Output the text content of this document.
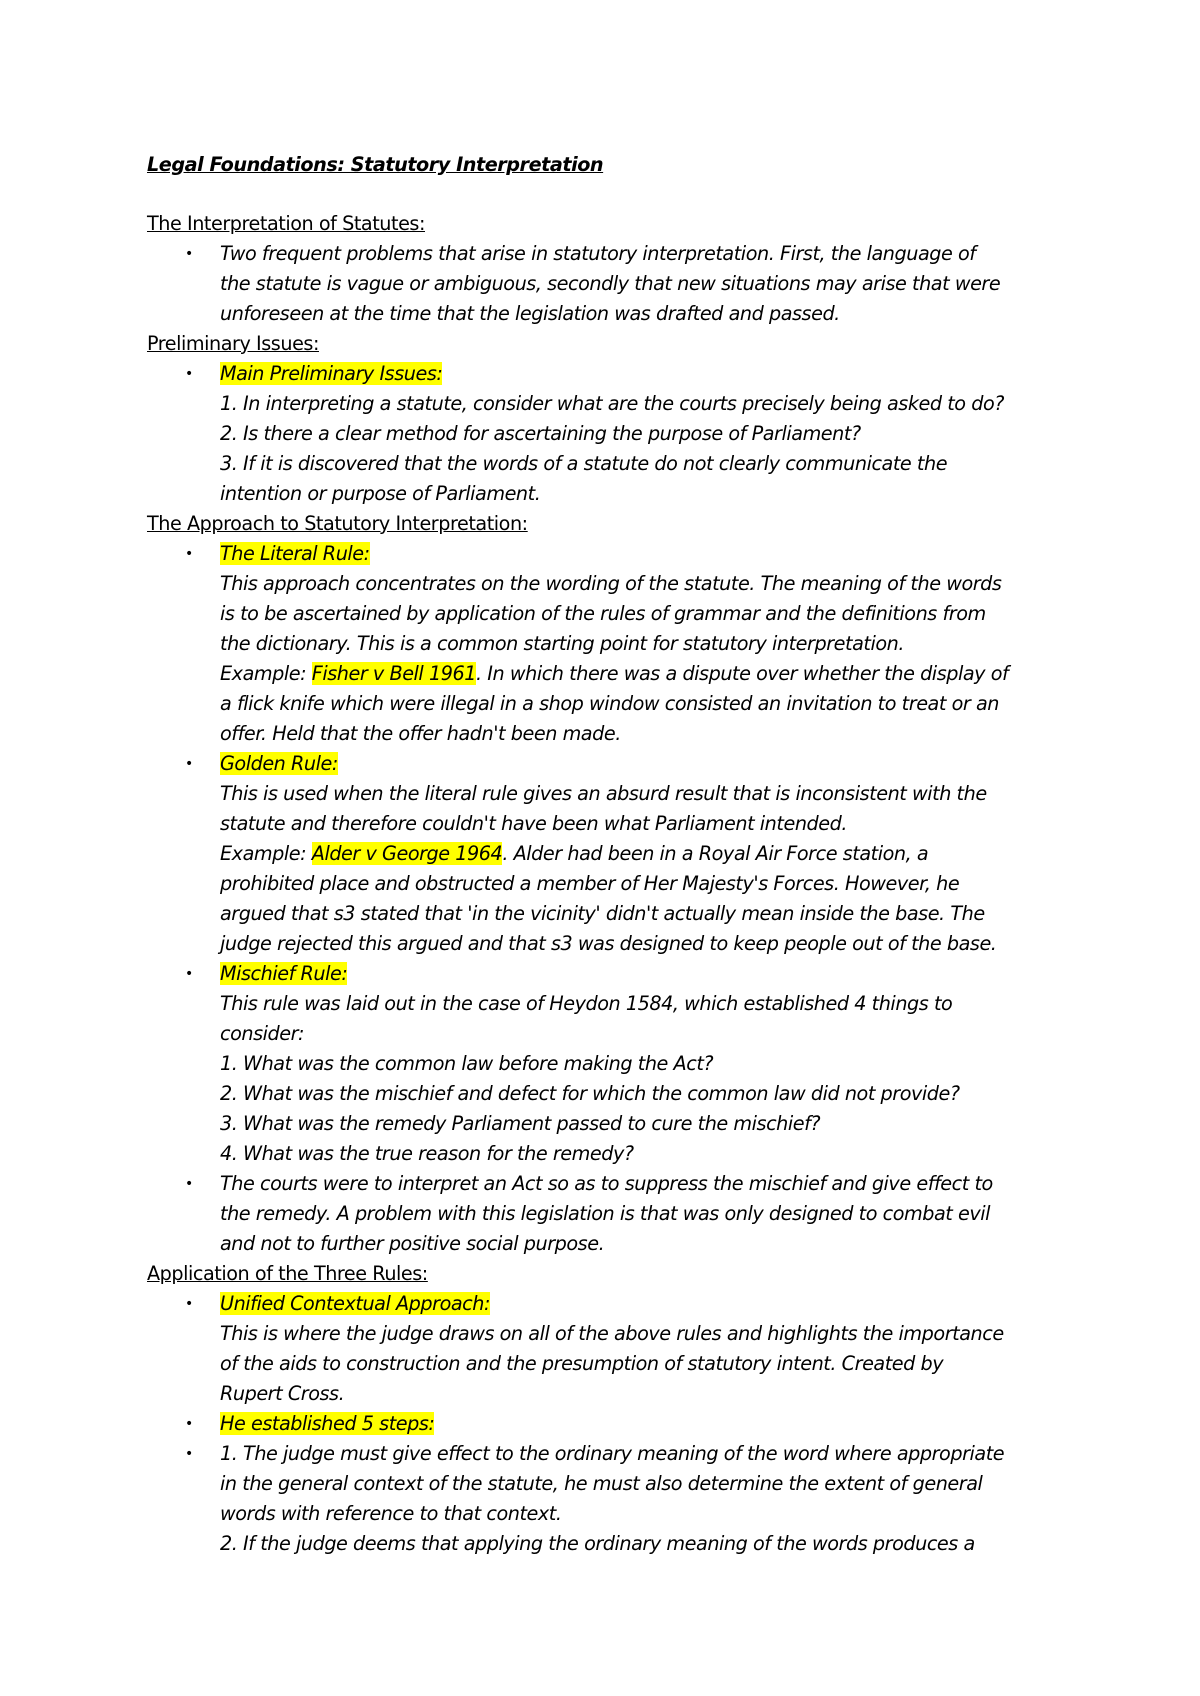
Legal Foundations: Statutory Interpretation
The Interpretation of Statutes:
• Two frequent problems that arise in statutory interpretation. First, the language of
the statute is vague or ambiguous, secondly that new situations may arise that were
unforeseen at the time that the legislation was drafted and passed.
Preliminary Issues:
• Main Preliminary Issues:
1. In interpreting a statute, consider what are the courts precisely being asked to do?
2. Is there a clear method for ascertaining the purpose of Parliament?
3. If it is discovered that the words of a statute do not clearly communicate the
intention or purpose of Parliament.
The Approach to Statutory Interpretation:
• The Literal Rule:
This approach concentrates on the wording of the statute. The meaning of the words
is to be ascertained by application of the rules of grammar and the definitions from
the dictionary. This is a common starting point for statutory interpretation.
Example: Fisher v Bell 1961. In which there was a dispute over whether the display of
a flick knife which were illegal in a shop window consisted an invitation to treat or an
offer. Held that the offer hadn't been made.
• Golden Rule:
This is used when the literal rule gives an absurd result that is inconsistent with the
statute and therefore couldn't have been what Parliament intended.
Example: Alder v George 1964. Alder had been in a Royal Air Force station, a
prohibited place and obstructed a member of Her Majesty's Forces. However, he
argued that s3 stated that 'in the vicinity' didn't actually mean inside the base. The
judge rejected this argued and that s3 was designed to keep people out of the base.
• Mischief Rule:
This rule was laid out in the case of Heydon 1584, which established 4 things to
consider:
1. What was the common law before making the Act?
2. What was the mischief and defect for which the common law did not provide?
3. What was the remedy Parliament passed to cure the mischief?
4. What was the true reason for the remedy?
• The courts were to interpret an Act so as to suppress the mischief and give effect to
the remedy. A problem with this legislation is that was only designed to combat evil
and not to further positive social purpose.
Application of the Three Rules:
• Unified Contextual Approach:
This is where the judge draws on all of the above rules and highlights the importance
of the aids to construction and the presumption of statutory intent. Created by
Rupert Cross.
• He established 5 steps:
• 1. The judge must give effect to the ordinary meaning of the word where appropriate
in the general context of the statute, he must also determine the extent of general
words with reference to that context.
2. If the judge deems that applying the ordinary meaning of the words produces a
